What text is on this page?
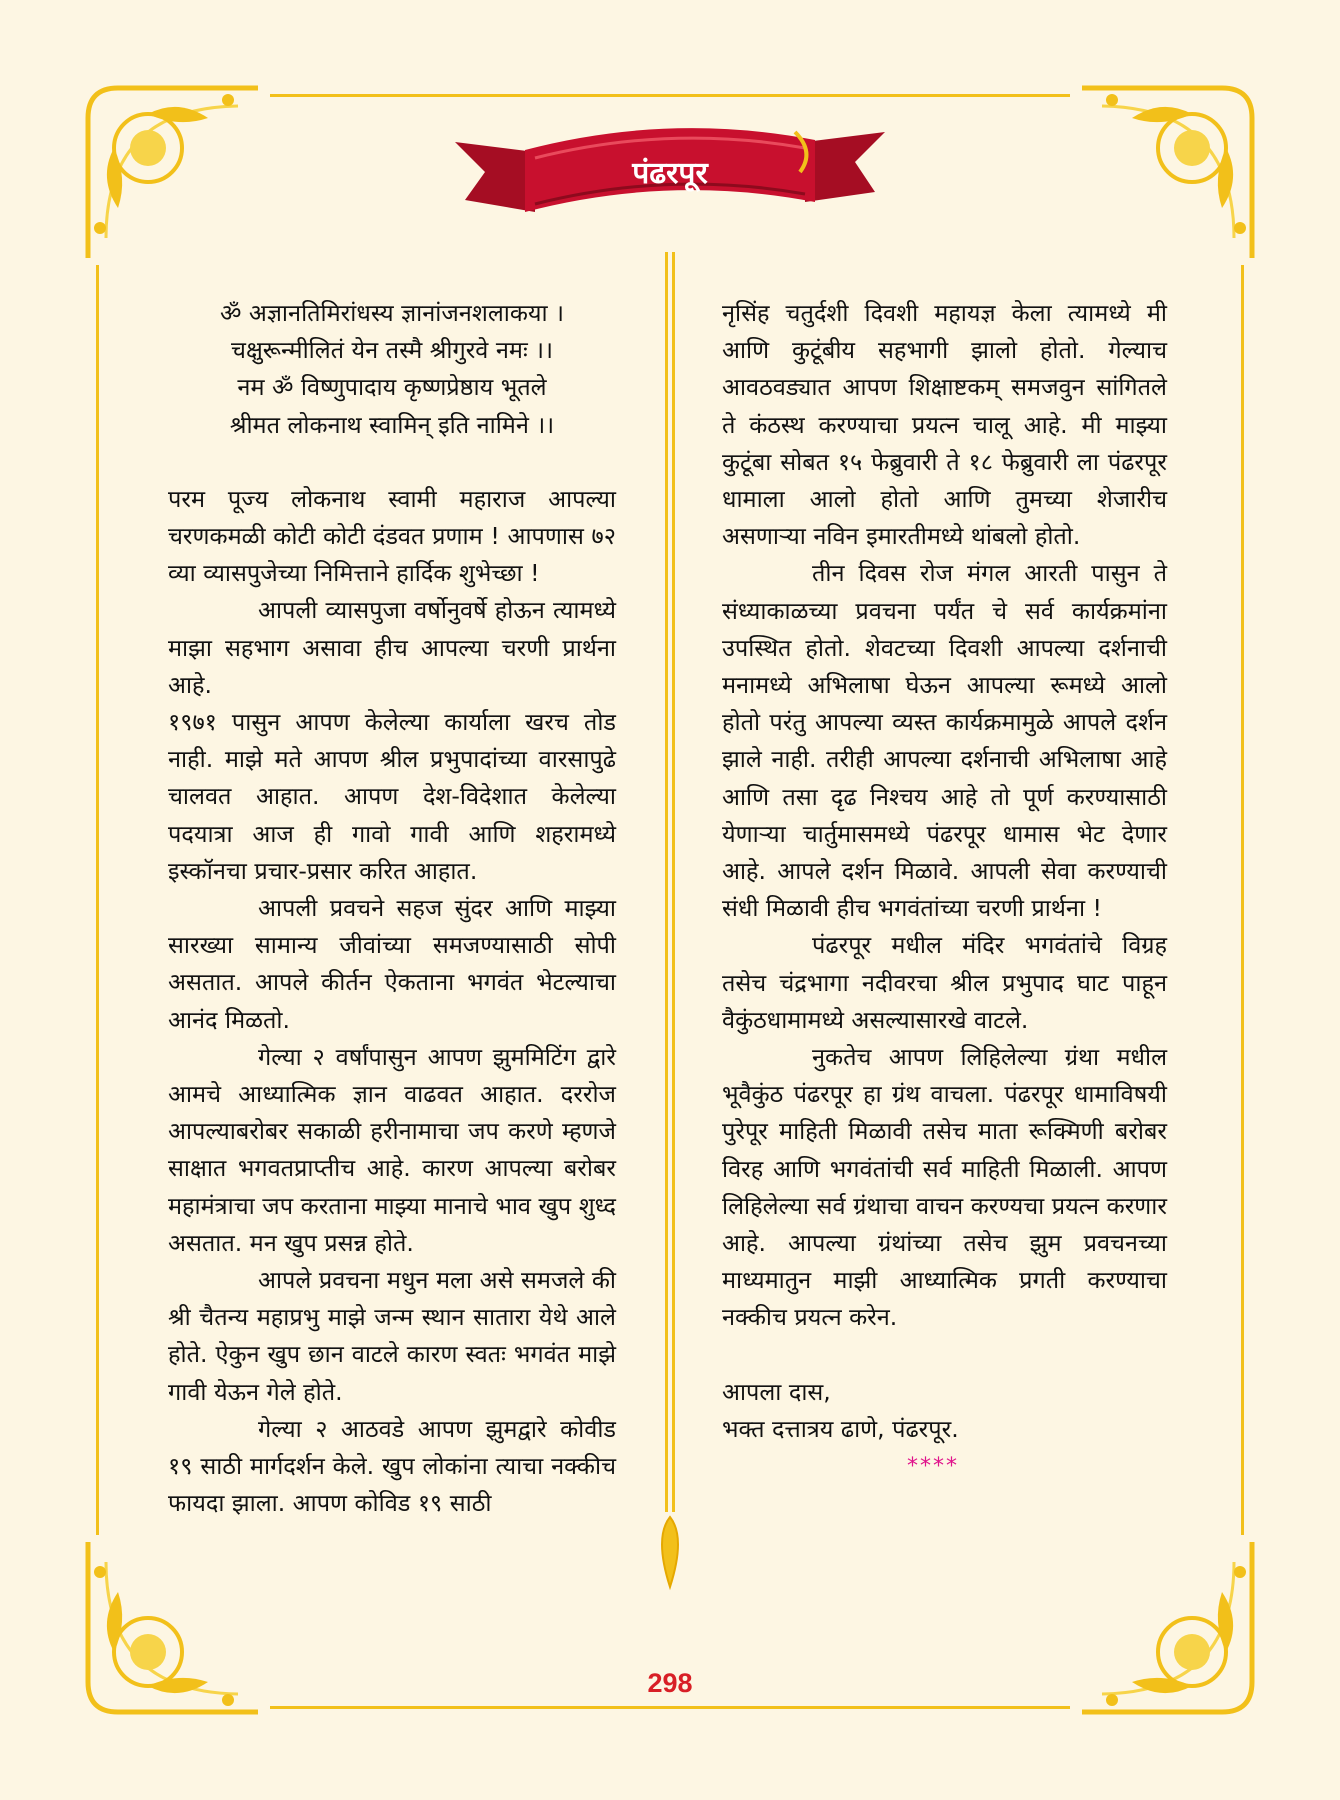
पंढरपूर
ॐ अज्ञानतिमिरांधस्य ज्ञानांजनशलाकया ।
चक्षुरून्मीलितं येन तस्मै श्रीगुरवे नमः ।।
नम ॐ विष्णुपादाय कृष्णप्रेष्ठाय भूतले
श्रीमत लोकनाथ स्वामिन् इति नामिने ।।

परम पूज्य लोकनाथ स्वामी महाराज आपल्या चरणकमळी कोटी कोटी दंडवत प्रणाम ! आपणास ७२ व्या व्यासपुजेच्या निमित्ताने हार्दिक शुभेच्छा !

आपली व्यासपुजा वर्षोनुवर्षे होऊन त्यामध्ये माझा सहभाग असावा हीच आपल्या चरणी प्रार्थना आहे.

१९७१ पासुन आपण केलेल्या कार्याला खरच तोड नाही. माझे मते आपण श्रील प्रभुपादांच्या वारसापुढे चालवत आहात. आपण देश-विदेशात केलेल्या पदयात्रा आज ही गावो गावी आणि शहरामध्ये इस्कॉनचा प्रचार-प्रसार करित आहात.

आपली प्रवचने सहज सुंदर आणि माझ्या सारख्या सामान्य जीवांच्या समजण्यासाठी सोपी असतात. आपले कीर्तन ऐकताना भगवंत भेटल्याचा आनंद मिळतो.

गेल्या २ वर्षांपासुन आपण झुममिटिंग द्वारे आमचे आध्यात्मिक ज्ञान वाढवत आहात. दररोज आपल्याबरोबर सकाळी हरीनामाचा जप करणे म्हणजे साक्षात भगवतप्राप्तीच आहे. कारण आपल्या बरोबर महामंत्राचा जप करताना माझ्या मानाचे भाव खुप शुध्द असतात. मन खुप प्रसन्न होते.

आपले प्रवचना मधुन मला असे समजले की श्री चैतन्य महाप्रभु माझे जन्म स्थान सातारा येथे आले होते. ऐकुन खुप छान वाटले कारण स्वतः भगवंत माझे गावी येऊन गेले होते.

गेल्या २ आठवडे आपण झुमद्वारे कोवीड १९ साठी मार्गदर्शन केले. खुप लोकांना त्याचा नक्कीच फायदा झाला. आपण कोविड १९ साठी

नृसिंह चतुर्दशी दिवशी महायज्ञ केला त्यामध्ये मी आणि कुटूंबीय सहभागी झालो होतो. गेल्याच आवठवड्यात आपण शिक्षाष्टकम् समजवुन सांगितले ते कंठस्थ करण्याचा प्रयत्न चालू आहे. मी माझ्या कुटूंबा सोबत १५ फेब्रुवारी ते १८ फेब्रुवारी ला पंढरपूर धामाला आलो होतो आणि तुमच्या शेजारीच असणाऱ्या नविन इमारतीमध्ये थांबलो होतो.

तीन दिवस रोज मंगल आरती पासुन ते संध्याकाळच्या प्रवचना पर्यंत चे सर्व कार्यक्रमांना उपस्थित होतो. शेवटच्या दिवशी आपल्या दर्शनाची मनामध्ये अभिलाषा घेऊन आपल्या रूमध्ये आलो होतो परंतु आपल्या व्यस्त कार्यक्रमामुळे आपले दर्शन झाले नाही. तरीही आपल्या दर्शनाची अभिलाषा आहे आणि तसा दृढ निश्चय आहे तो पूर्ण करण्यासाठी येणाऱ्या चार्तुमासमध्ये पंढरपूर धामास भेट देणार आहे. आपले दर्शन मिळावे. आपली सेवा करण्याची संधी मिळावी हीच भगवंतांच्या चरणी प्रार्थना !

पंढरपूर मधील मंदिर भगवंतांचे विग्रह तसेच चंद्रभागा नदीवरचा श्रील प्रभुपाद घाट पाहून वैकुंठधामामध्ये असल्यासारखे वाटले.

नुकतेच आपण लिहिलेल्या ग्रंथा मधील भूवैकुंठ पंढरपूर हा ग्रंथ वाचला. पंढरपूर धामाविषयी पुरेपूर माहिती मिळावी तसेच माता रूक्मिणी बरोबर विरह आणि भगवंतांची सर्व माहिती मिळाली. आपण लिहिलेल्या सर्व ग्रंथाचा वाचन करण्यचा प्रयत्न करणार आहे. आपल्या ग्रंथांच्या तसेच झुम प्रवचनच्या माध्यमातुन माझी आध्यात्मिक प्रगती करण्याचा नक्कीच प्रयत्न करेन.

आपला दास,
भक्त दत्तात्रय ढाणे, पंढरपूर.
****
298
